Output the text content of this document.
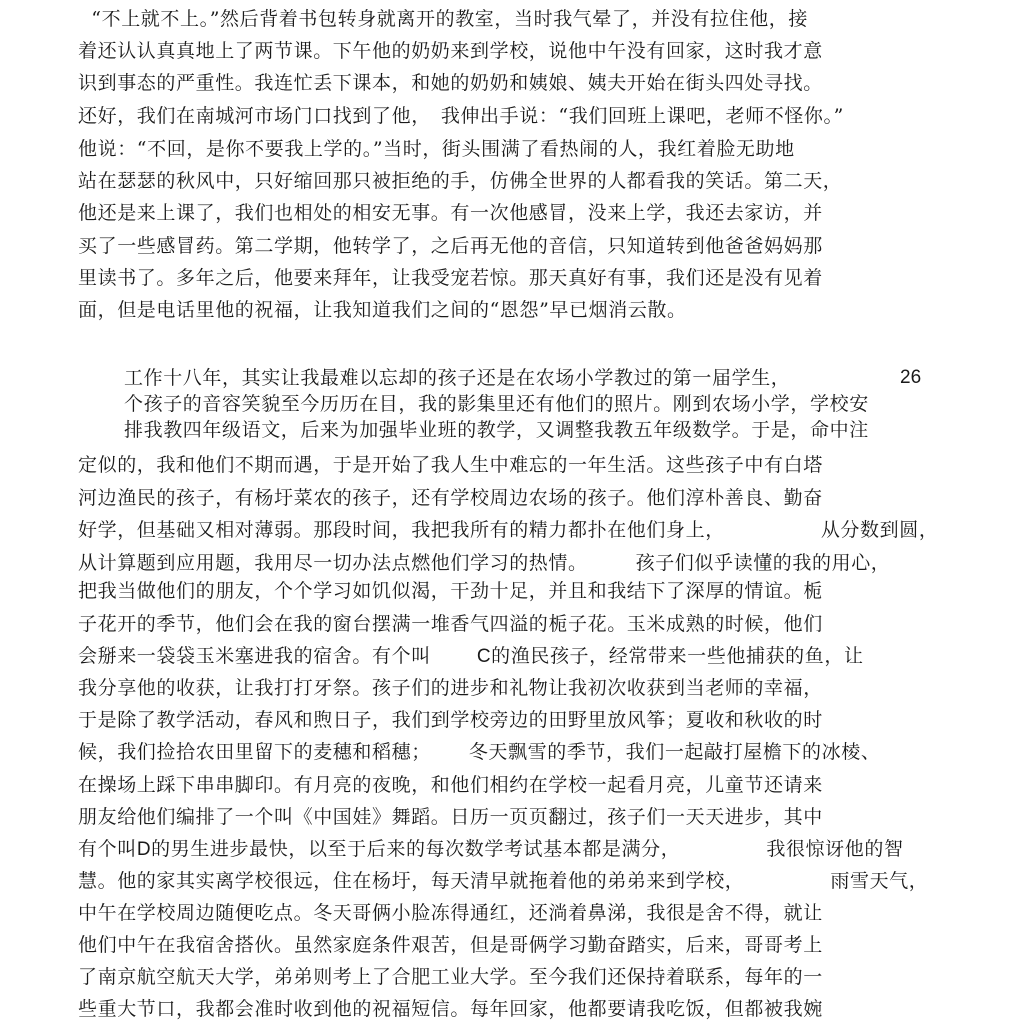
“不上就不上。”然后背着书包转身就离开的教室，当时我气晕了，并没有拉住他，接
着还认认真真地上了两节课。下午他的奶奶来到学校，说他中午没有回家，这时我才意
识到事态的严重性。我连忙丢下课本，和她的奶奶和姨娘、姨夫开始在街头四处寻找。
还好，我们在南城河市场门口找到了他， 我伸出手说：“我们回班上课吧，老师不怪你。”
他说：“不回，是你不要我上学的。”当时，街头围满了看热闹的人，我红着脸无助地
站在瑟瑟的秋风中，只好缩回那只被拒绝的手，仿佛全世界的人都看我的笑话。第二天，
他还是来上课了，我们也相处的相安无事。有一次他感冒，没来上学，我还去家访，并
买了一些感冒药。第二学期，他转学了，之后再无他的音信，只知道转到他爸爸妈妈那
里读书了。多年之后，他要来拜年，让我受宠若惊。那天真好有事，我们还是没有见着
面，但是电话里他的祝福，让我知道我们之间的“恩怨”早已烟消云散。
工作十八年，其实让我最难以忘却的孩子还是在农场小学教过的第一届学生，	26
个孩子的音容笑貌至今历历在目，我的影集里还有他们的照片。刚到农场小学，学校安
排我教四年级语文，后来为加强毕业班的教学，又调整我教五年级数学。于是，命中注
定似的，我和他们不期而遇，于是开始了我人生中难忘的一年生活。这些孩子中有白塔
河边渔民的孩子，有杨圩菜农的孩子，还有学校周边农场的孩子。他们淳朴善良、勤奋
好学，但基础又相对薄弱。那段时间，我把我所有的精力都扑在他们身上，	从分数到圆，
从计算题到应用题，我用尽一切办法点燃他们学习的热情。	孩子们似乎读懂的我的用心，
把我当做他们的朋友，个个学习如饥似渴，干劲十足，并且和我结下了深厚的情谊。栀
子花开的季节，他们会在我的窗台摆满一堆香气四溢的栀子花。玉米成熟的时候，他们
会掰来一袋袋玉米塞进我的宿舍。有个叫 C的渔民孩子，经常带来一些他捕获的鱼，让
我分享他的收获，让我打打牙祭。孩子们的进步和礼物让我初次收获到当老师的幸福，
于是除了教学活动，春风和煦日子，我们到学校旁边的田野里放风筝；夏收和秋收的时
候，我们捡拾农田里留下的麦穗和稻穗； 冬天飘雪的季节，我们一起敲打屋檐下的冰棱、
在操场上踩下串串脚印。有月亮的夜晚，和他们相约在学校一起看月亮，儿童节还请来
朋友给他们编排了一个叫《中国娃》舞蹈。日历一页页翻过，孩子们一天天进步，其中
有个叫D的男生进步最快，以至于后来的每次数学考试基本都是满分，	我很惊讶他的智
慧。他的家其实离学校很远，住在杨圩，每天清早就拖着他的弟弟来到学校，	雨雪天气，
中午在学校周边随便吃点。冬天哥俩小脸冻得通红，还淌着鼻涕，我很是舍不得，就让
他们中午在我宿舍搭伙。虽然家庭条件艰苦，但是哥俩学习勤奋踏实，后来，哥哥考上
了南京航空航天大学，弟弟则考上了合肥工业大学。至今我们还保持着联系，每年的一
些重大节口，我都会准时收到他的祝福短信。每年回家，他都要请我吃饭，但都被我婉
